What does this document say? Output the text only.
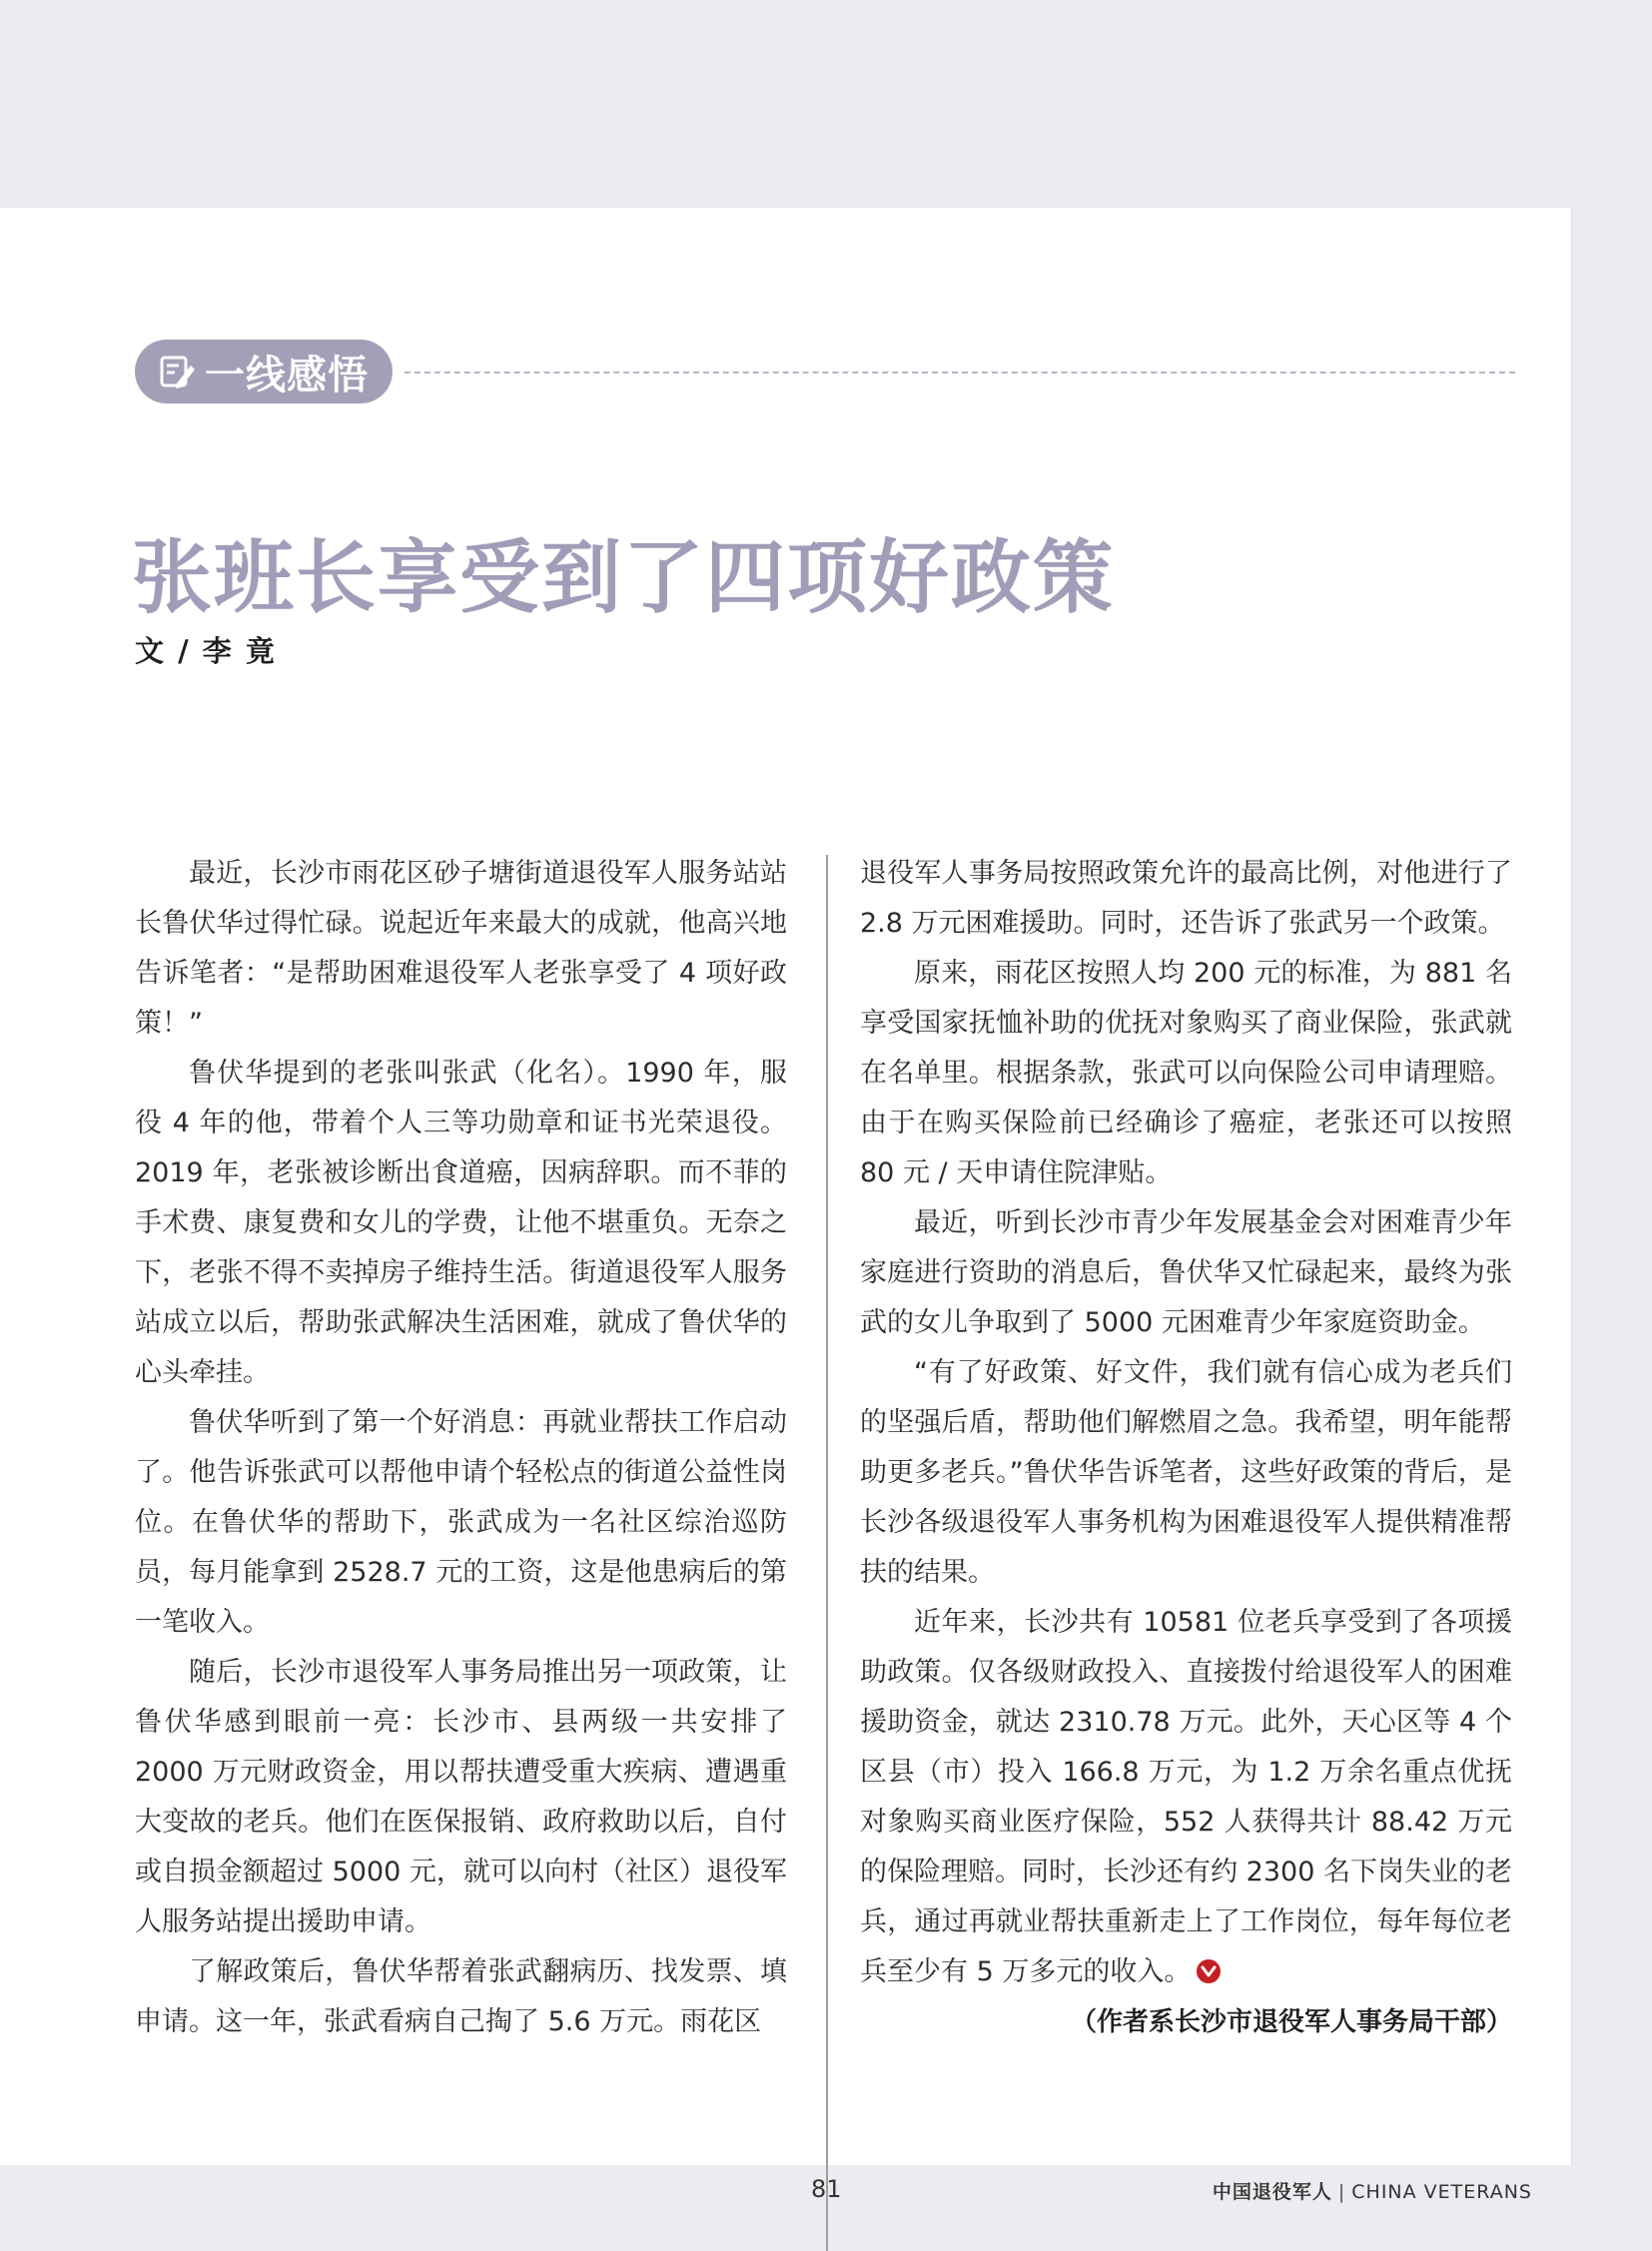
一线感悟
张班长享受到了四项好政策
文 / 李 竟

最近，长沙市雨花区砂子塘街道退役军人服务站站长鲁伏华过得忙碌。说起近年来最大的成就，他高兴地告诉笔者：“是帮助困难退役军人老张享受了 4 项好政策！”

鲁伏华提到的老张叫张武（化名）。1990 年，服役 4 年的他，带着个人三等功勋章和证书光荣退役。2019 年，老张被诊断出食道癌，因病辞职。而不菲的手术费、康复费和女儿的学费，让他不堪重负。无奈之下，老张不得不卖掉房子维持生活。街道退役军人服务站成立以后，帮助张武解决生活困难，就成了鲁伏华的心头牵挂。

鲁伏华听到了第一个好消息：再就业帮扶工作启动了。他告诉张武可以帮他申请个轻松点的街道公益性岗位。在鲁伏华的帮助下，张武成为一名社区综治巡防员，每月能拿到 2528.7 元的工资，这是他患病后的第一笔收入。

随后，长沙市退役军人事务局推出另一项政策，让鲁伏华感到眼前一亮：长沙市、县两级一共安排了 2000 万元财政资金，用以帮扶遭受重大疾病、遭遇重大变故的老兵。他们在医保报销、政府救助以后，自付或自损金额超过 5000 元，就可以向村（社区）退役军人服务站提出援助申请。

了解政策后，鲁伏华帮着张武翻病历、找发票、填申请。这一年，张武看病自己掏了 5.6 万元。雨花区

退役军人事务局按照政策允许的最高比例，对他进行了 2.8 万元困难援助。同时，还告诉了张武另一个政策。

原来，雨花区按照人均 200 元的标准，为 881 名享受国家抚恤补助的优抚对象购买了商业保险，张武就在名单里。根据条款，张武可以向保险公司申请理赔。由于在购买保险前已经确诊了癌症，老张还可以按照 80 元 / 天申请住院津贴。

最近，听到长沙市青少年发展基金会对困难青少年家庭进行资助的消息后，鲁伏华又忙碌起来，最终为张武的女儿争取到了 5000 元困难青少年家庭资助金。

“有了好政策、好文件，我们就有信心成为老兵们的坚强后盾，帮助他们解燃眉之急。我希望，明年能帮助更多老兵。”鲁伏华告诉笔者，这些好政策的背后，是长沙各级退役军人事务机构为困难退役军人提供精准帮扶的结果。

近年来，长沙共有 10581 位老兵享受到了各项援助政策。仅各级财政投入、直接拨付给退役军人的困难援助资金，就达 2310.78 万元。此外，天心区等 4 个区县（市）投入 166.8 万元，为 1.2 万余名重点优抚对象购买商业医疗保险，552 人获得共计 88.42 万元的保险理赔。同时，长沙还有约 2300 名下岗失业的老兵，通过再就业帮扶重新走上了工作岗位，每年每位老兵至少有 5 万多元的收入。

（作者系长沙市退役军人事务局干部）

81	中国退役军人 | CHINA VETERANS
